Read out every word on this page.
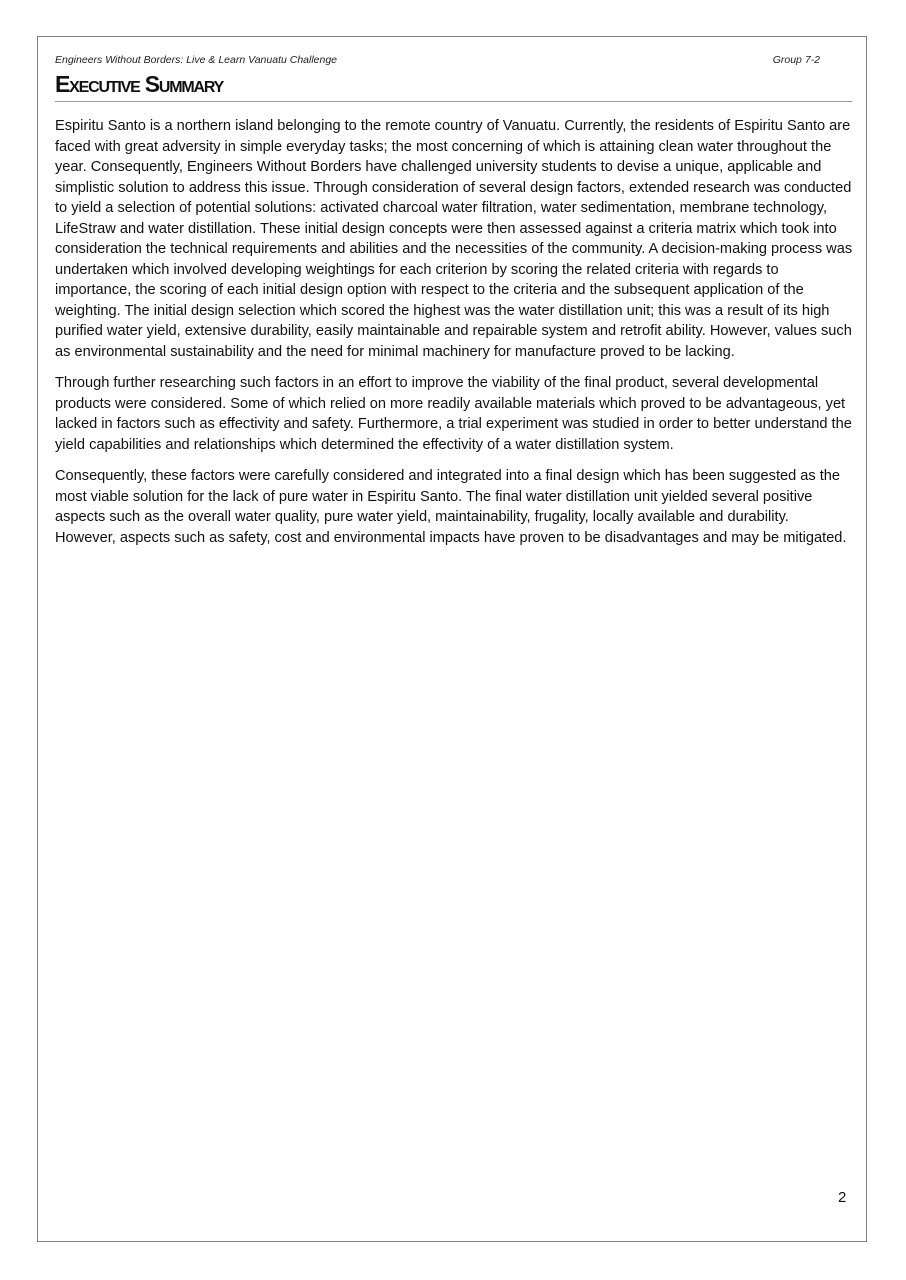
Engineers Without Borders: Live & Learn Vanuatu Challenge	Group 7-2
Executive Summary

Espiritu Santo is a northern island belonging to the remote country of Vanuatu. Currently, the residents of Espiritu Santo are faced with great adversity in simple everyday tasks; the most concerning of which is attaining clean water throughout the year. Consequently, Engineers Without Borders have challenged university students to devise a unique, applicable and simplistic solution to address this issue. Through consideration of several design factors, extended research was conducted to yield a selection of potential solutions: activated charcoal water filtration, water sedimentation, membrane technology, LifeStraw and water distillation. These initial design concepts were then assessed against a criteria matrix which took into consideration the technical requirements and abilities and the necessities of the community. A decision-making process was undertaken which involved developing weightings for each criterion by scoring the related criteria with regards to importance, the scoring of each initial design option with respect to the criteria and the subsequent application of the weighting. The initial design selection which scored the highest was the water distillation unit; this was a result of its high purified water yield, extensive durability, easily maintainable and repairable system and retrofit ability. However, values such as environmental sustainability and the need for minimal machinery for manufacture proved to be lacking.

Through further researching such factors in an effort to improve the viability of the final product, several developmental products were considered. Some of which relied on more readily available materials which proved to be advantageous, yet lacked in factors such as effectivity and safety. Furthermore, a trial experiment was studied in order to better understand the yield capabilities and relationships which determined the effectivity of a water distillation system.

Consequently, these factors were carefully considered and integrated into a final design which has been suggested as the most viable solution for the lack of pure water in Espiritu Santo. The final water distillation unit yielded several positive aspects such as the overall water quality, pure water yield, maintainability, frugality, locally available and durability. However, aspects such as safety, cost and environmental impacts have proven to be disadvantages and may be mitigated.

2
